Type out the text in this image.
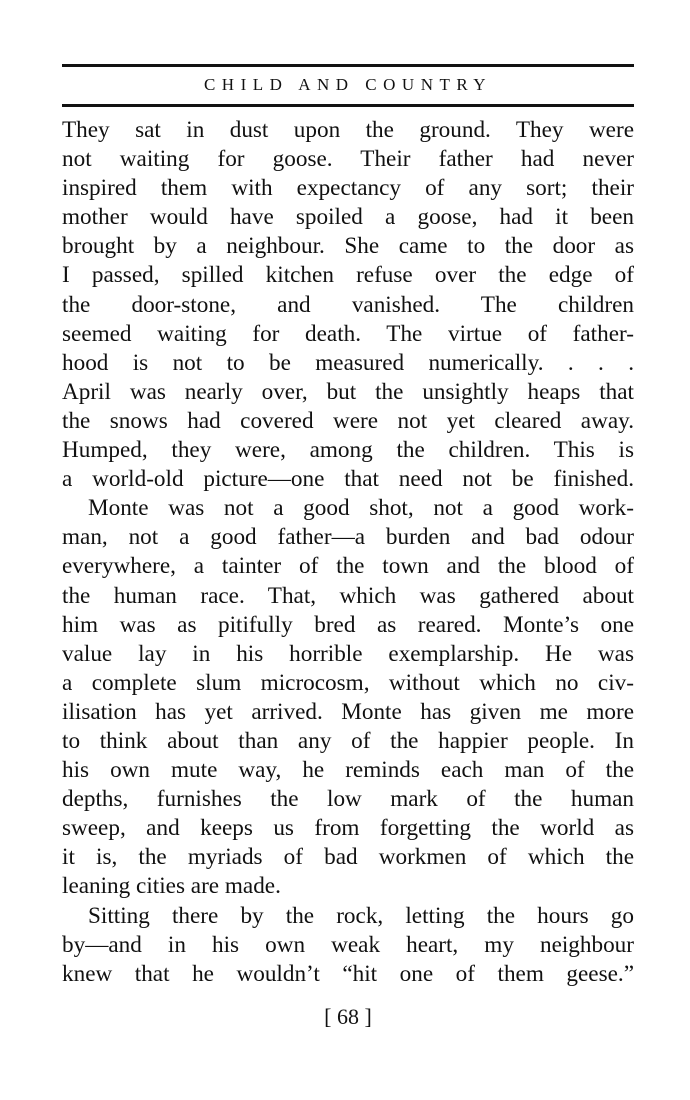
CHILD AND COUNTRY
They sat in dust upon the ground. They were
not waiting for goose. Their father had never
inspired them with expectancy of any sort; their
mother would have spoiled a goose, had it been
brought by a neighbour. She came to the door as
I passed, spilled kitchen refuse over the edge of
the door-stone, and vanished. The children
seemed waiting for death. The virtue of father-
hood is not to be measured numerically. . . .
April was nearly over, but the unsightly heaps that
the snows had covered were not yet cleared away.
Humped, they were, among the children. This is
a world-old picture—one that need not be finished.
Monte was not a good shot, not a good work-
man, not a good father—a burden and bad odour
everywhere, a tainter of the town and the blood of
the human race. That, which was gathered about
him was as pitifully bred as reared. Monte’s one
value lay in his horrible exemplarship. He was
a complete slum microcosm, without which no civ-
ilisation has yet arrived. Monte has given me more
to think about than any of the happier people. In
his own mute way, he reminds each man of the
depths, furnishes the low mark of the human
sweep, and keeps us from forgetting the world as
it is, the myriads of bad workmen of which the
leaning cities are made.
Sitting there by the rock, letting the hours go
by—and in his own weak heart, my neighbour
knew that he wouldn’t “hit one of them geese.”
[ 68 ]
